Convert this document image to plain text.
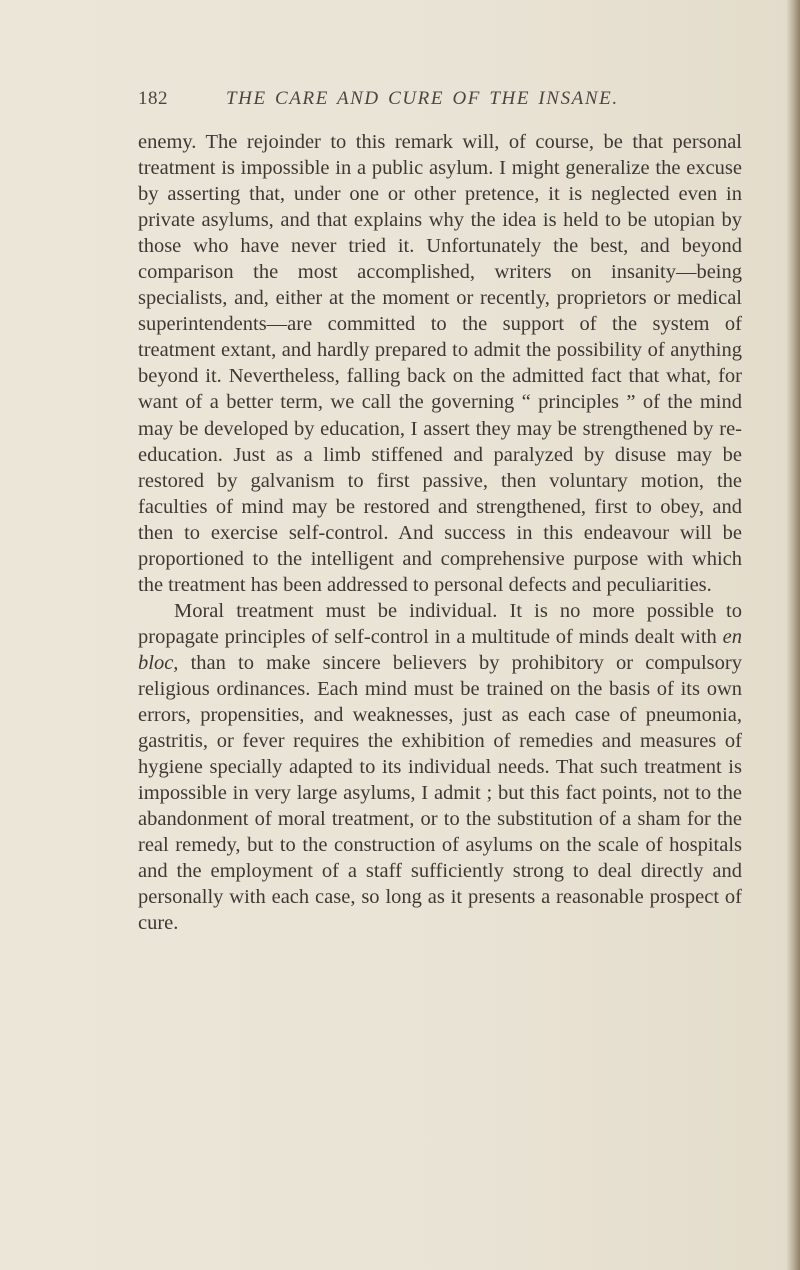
182	THE CARE AND CURE OF THE INSANE.

enemy. The rejoinder to this remark will, of course, be that personal treatment is impossible in a public asylum. I might generalize the excuse by asserting that, under one or other pretence, it is neglected even in private asylums, and that explains why the idea is held to be utopian by those who have never tried it. Unfortunately the best, and beyond comparison the most accomplished, writers on insanity—being specialists, and, either at the moment or recently, proprietors or medical superintendents—are committed to the support of the system of treatment extant, and hardly prepared to admit the possibility of anything beyond it. Nevertheless, falling back on the admitted fact that what, for want of a better term, we call the governing “ principles ” of the mind may be developed by education, I assert they may be strengthened by re-education. Just as a limb stiffened and paralyzed by disuse may be restored by galvanism to first passive, then voluntary motion, the faculties of mind may be restored and strengthened, first to obey, and then to exercise self-control. And success in this endeavour will be proportioned to the intelligent and comprehensive purpose with which the treatment has been addressed to personal defects and peculiarities.

Moral treatment must be individual. It is no more possible to propagate principles of self-control in a multitude of minds dealt with en bloc, than to make sincere believers by prohibitory or compulsory religious ordinances. Each mind must be trained on the basis of its own errors, propensities, and weaknesses, just as each case of pneumonia, gastritis, or fever requires the exhibition of remedies and measures of hygiene specially adapted to its individual needs. That such treatment is impossible in very large asylums, I admit ; but this fact points, not to the abandonment of moral treatment, or to the substitution of a sham for the real remedy, but to the construction of asylums on the scale of hospitals and the employment of a staff sufficiently strong to deal directly and personally with each case, so long as it presents a reasonable prospect of cure.
